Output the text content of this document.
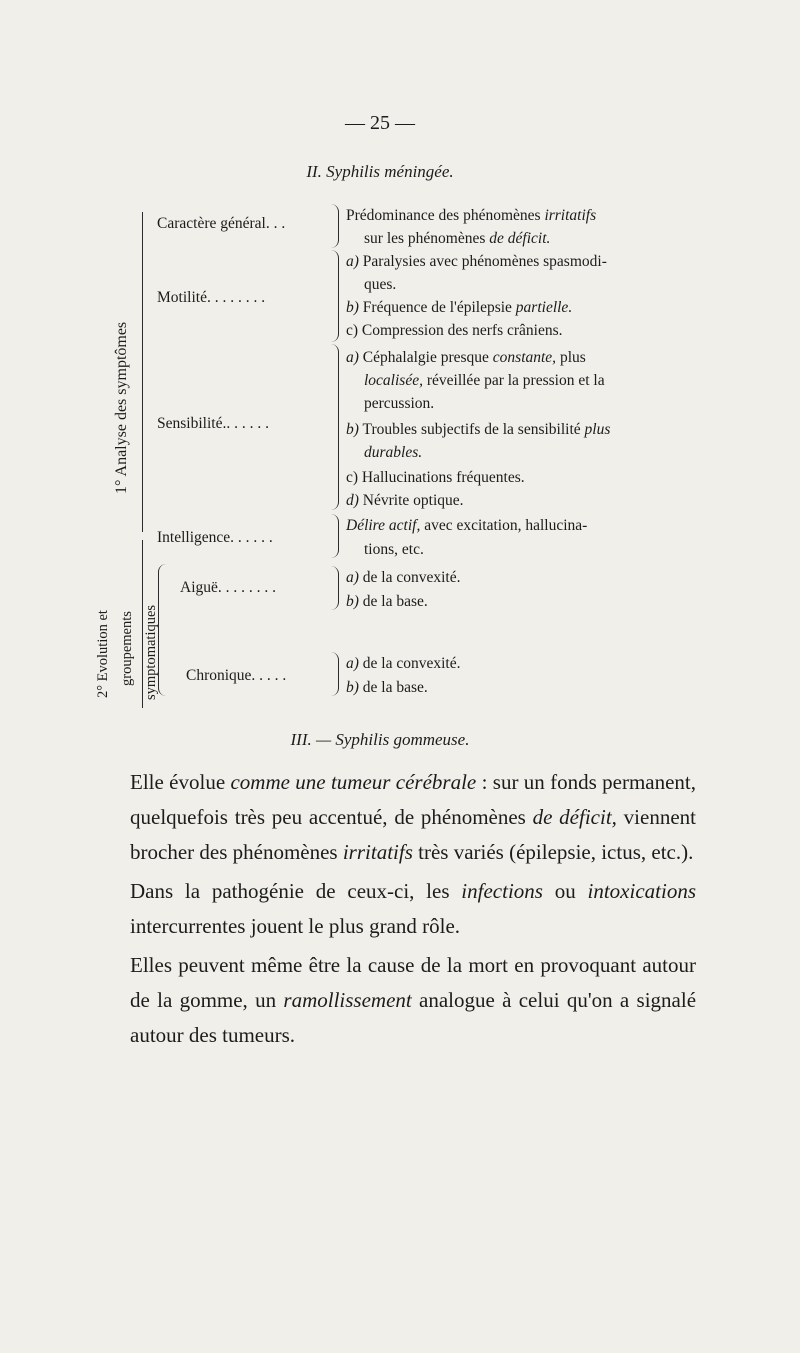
— 25 —
II. Syphilis méningée.
1° Analyse des symptômes
2° Evolution et groupements symptomatiques
Caractère général. . .	Prédominance des phénomènes irritatifs
sur les phénomènes de déficit.
Motilité. . . . . . . .
a) Paralysies avec phénomènes spasmodi-
ques.
b) Fréquence de l'épilepsie partielle.
c) Compression des nerfs crâniens.
Sensibilité.. . . . . .
a) Céphalalgie presque constante, plus
localisée, réveillée par la pression et la
percussion.
b) Troubles subjectifs de la sensibilité plus
durables.
c) Hallucinations fréquentes.
d) Névrite optique.
Intelligence. . . . . .
Délire actif, avec excitation, hallucina-
tions, etc.
Aiguë. . . . . . . .
a) de la convexité.
b) de la base.
Chronique. . . . .
a) de la convexité.
b) de la base.
III. — Syphilis gommeuse.

Elle évolue comme une tumeur cérébrale : sur un fonds permanent, quelquefois très peu accentué, de phénomènes de déficit, viennent brocher des phénomènes irritatifs très variés (épilepsie, ictus, etc.).

Dans la pathogénie de ceux-ci, les infections ou intoxications intercurrentes jouent le plus grand rôle.

Elles peuvent même être la cause de la mort en provoquant autour de la gomme, un ramollissement analogue à celui qu'on a signalé autour des tumeurs.
